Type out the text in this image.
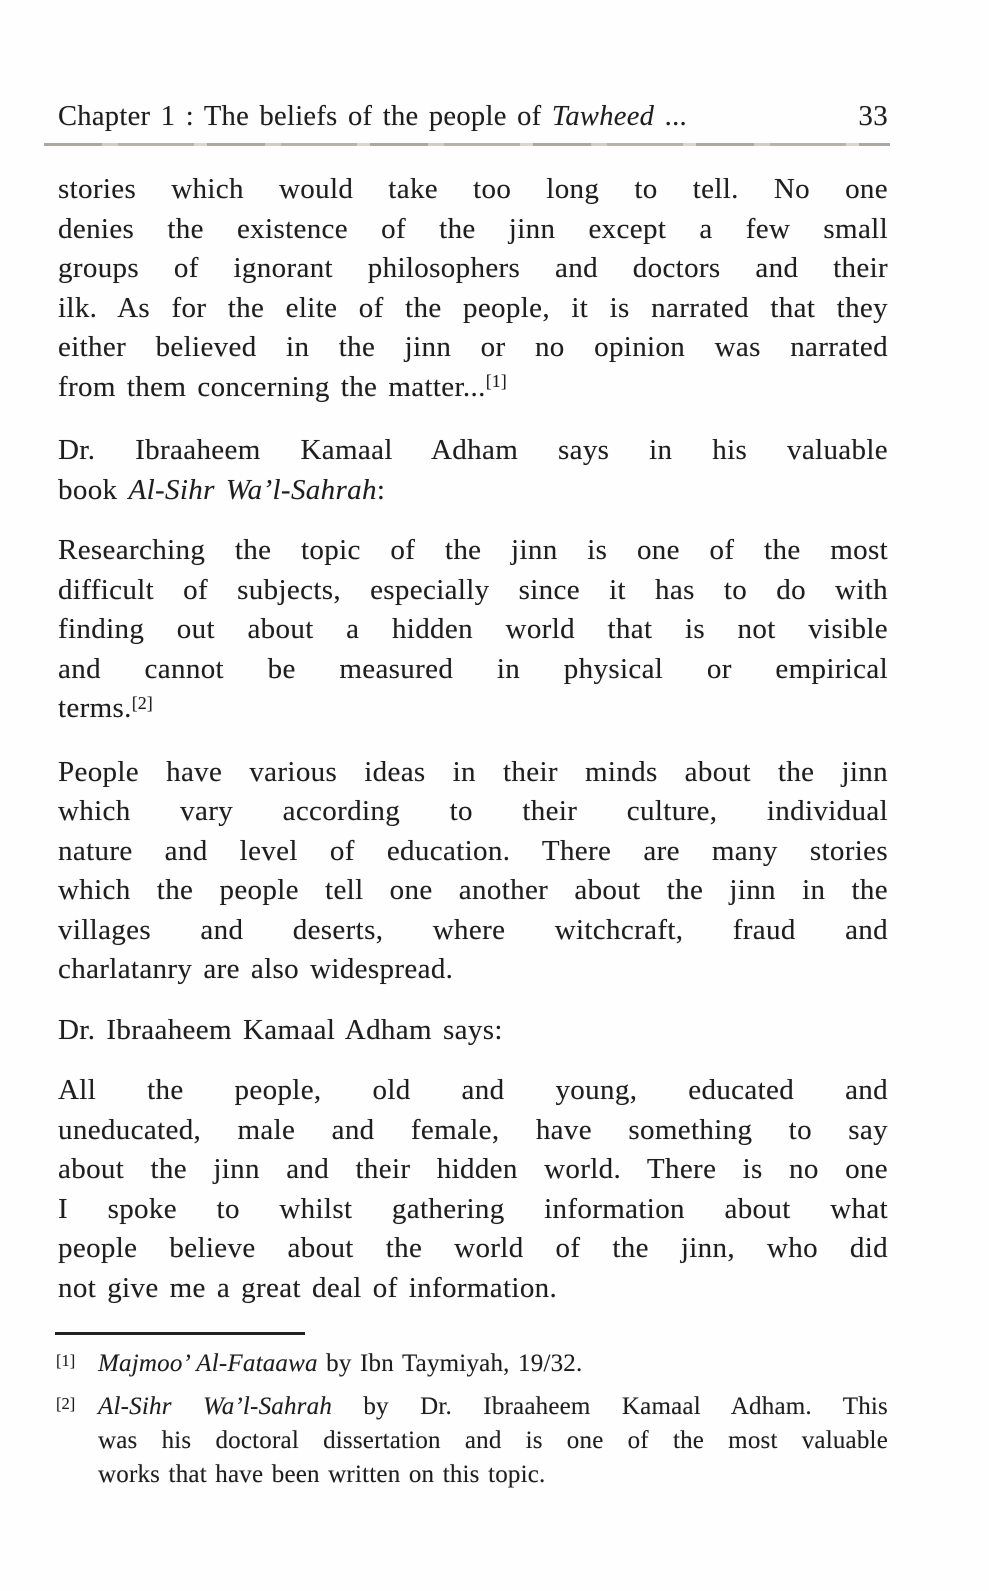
Chapter 1 : The beliefs of the people of Tawheed ...	33
stories which would take too long to tell. No one
denies the existence of the jinn except a few small
groups of ignorant philosophers and doctors and their
ilk. As for the elite of the people, it is narrated that they
either believed in the jinn or no opinion was narrated
from them concerning the matter...[1]
Dr. Ibraaheem Kamaal Adham says in his valuable
book Al-Sihr Wa’l-Sahrah:
Researching the topic of the jinn is one of the most
difficult of subjects, especially since it has to do with
finding out about a hidden world that is not visible
and cannot be measured in physical or empirical
terms.[2]
People have various ideas in their minds about the jinn
which vary according to their culture, individual
nature and level of education. There are many stories
which the people tell one another about the jinn in the
villages and deserts, where witchcraft, fraud and
charlatanry are also widespread.
Dr. Ibraaheem Kamaal Adham says:
All the people, old and young, educated and
uneducated, male and female, have something to say
about the jinn and their hidden world. There is no one
I spoke to whilst gathering information about what
people believe about the world of the jinn, who did
not give me a great deal of information.
[1] Majmoo’ Al-Fataawa by Ibn Taymiyah, 19/32.
[2] Al-Sihr Wa’l-Sahrah by Dr. Ibraaheem Kamaal Adham. This
was his doctoral dissertation and is one of the most valuable
works that have been written on this topic.
